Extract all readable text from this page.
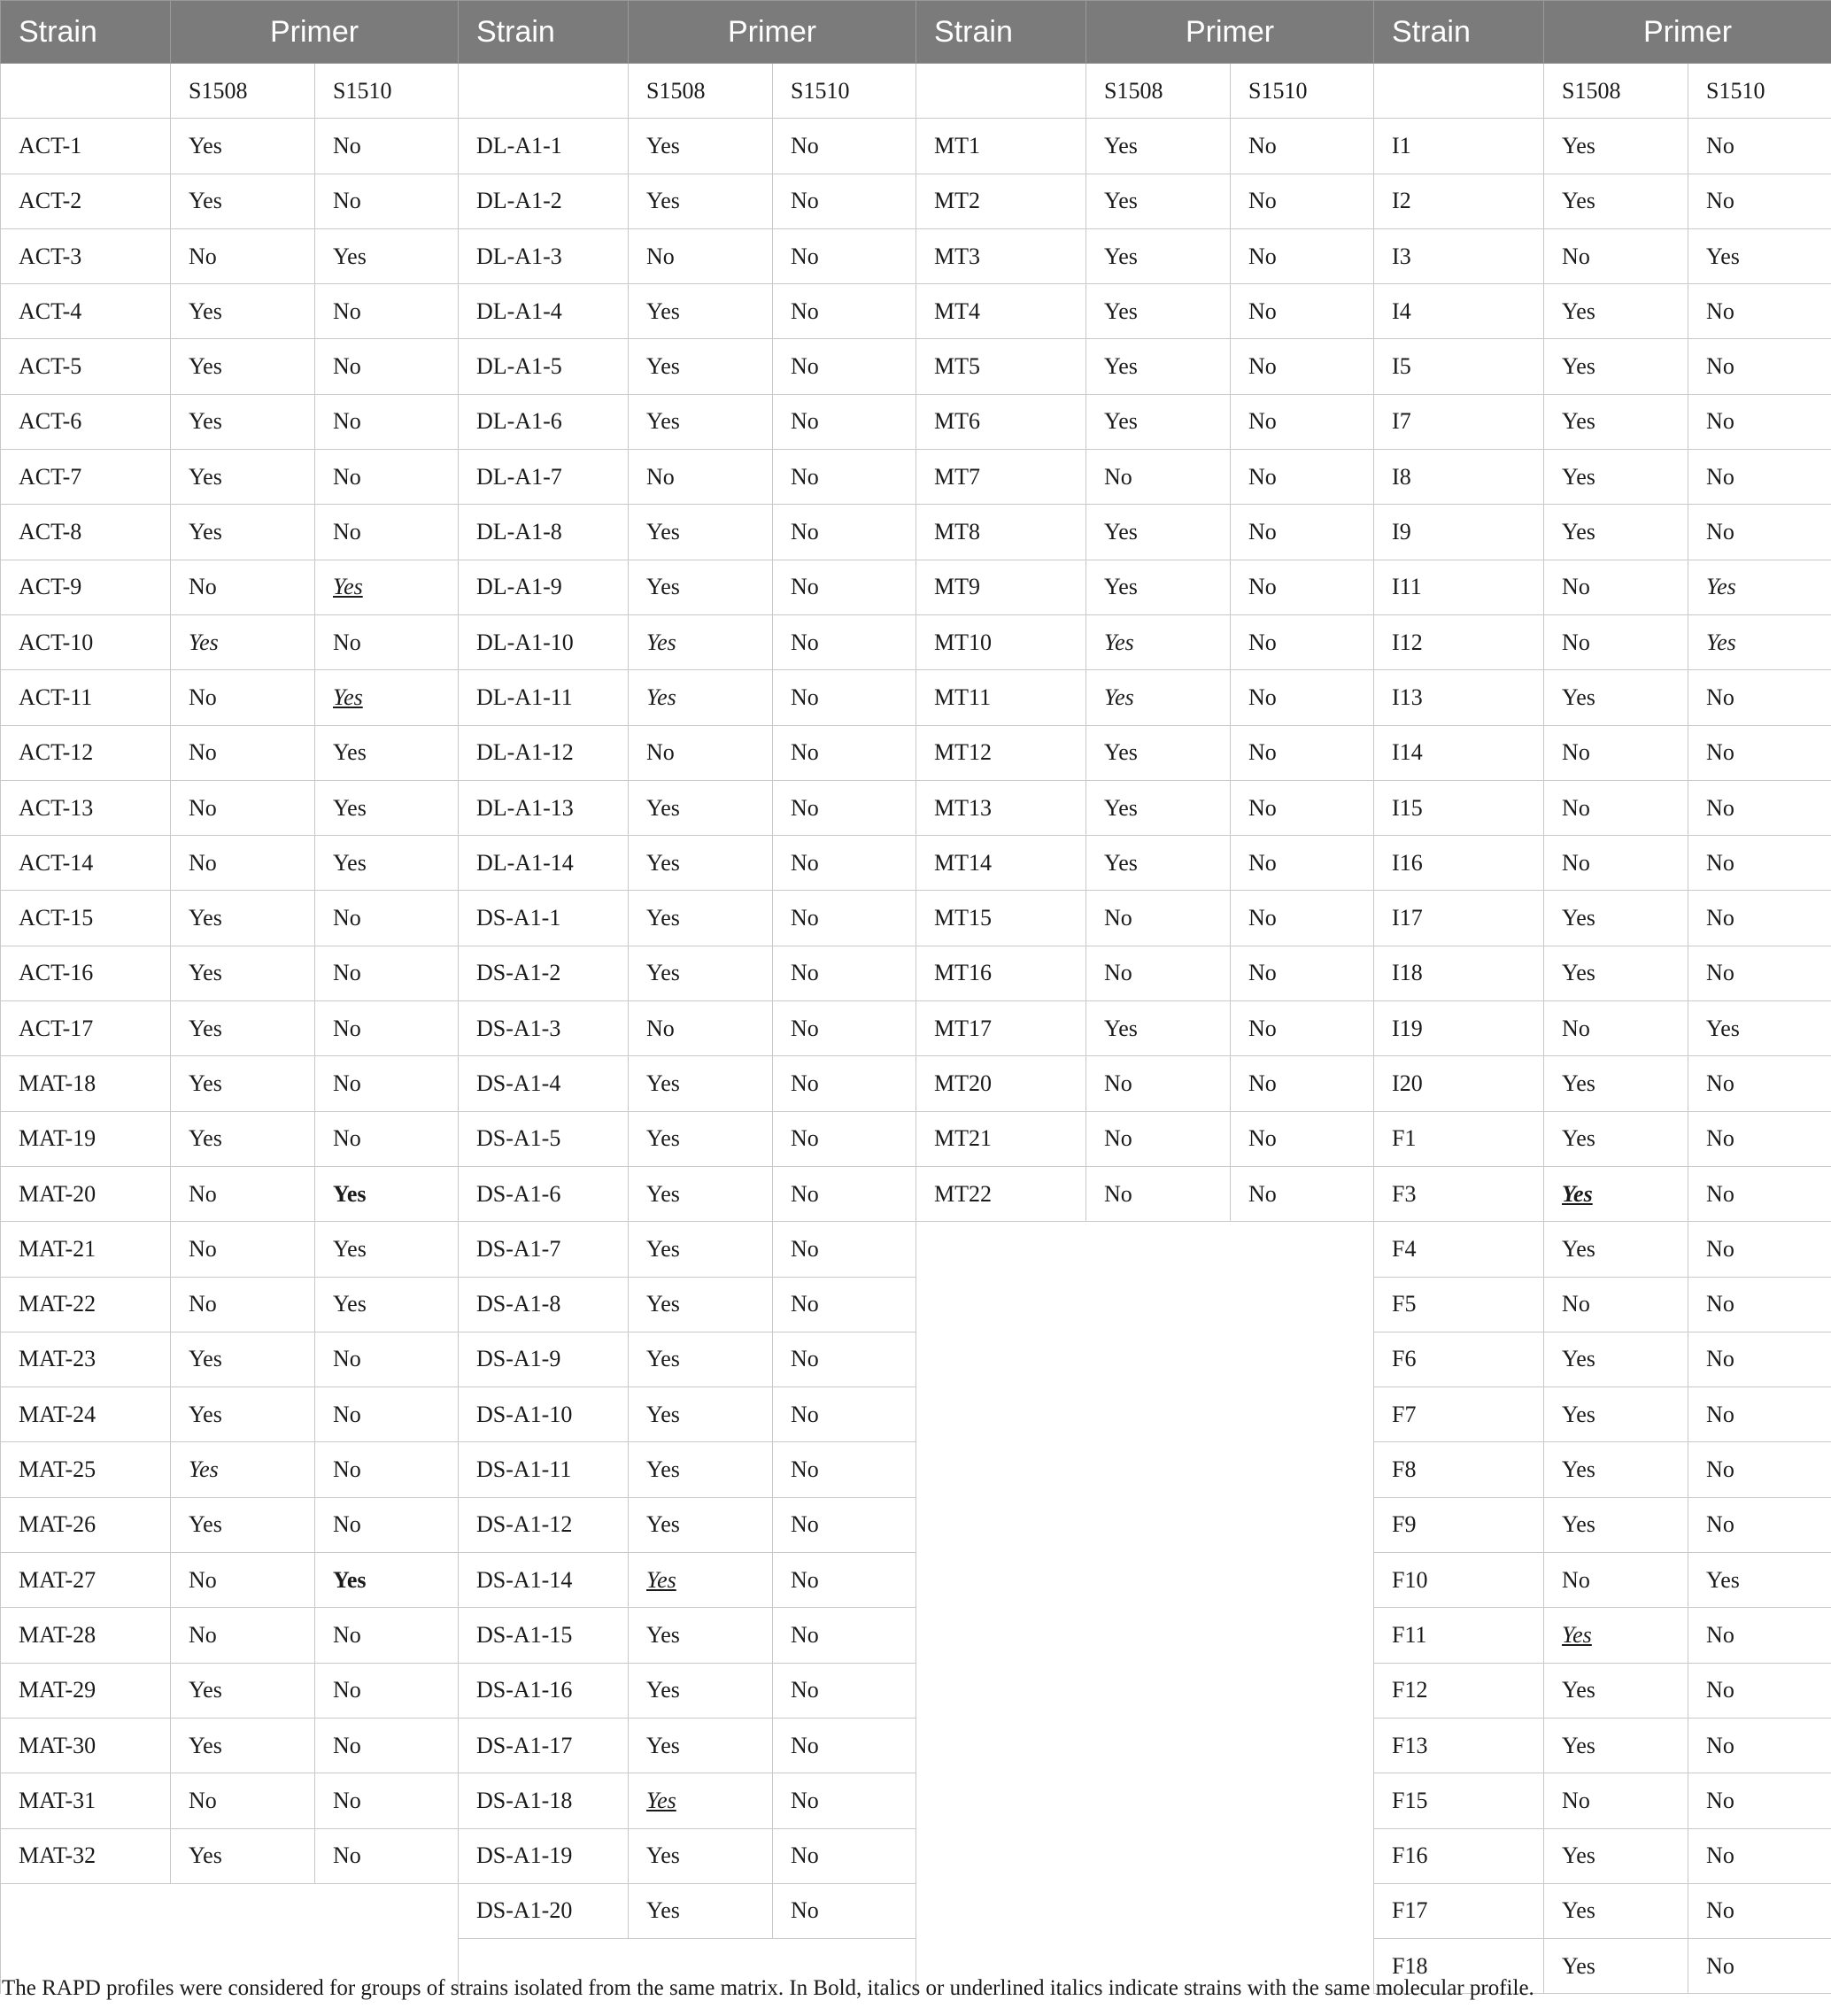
Strain	Primer		Strain	Primer		Strain	Primer		Strain	Primer	
	S1508	S1510		S1508	S1510		S1508	S1510		S1508	S1510
ACT-1	Yes	No	DL-A1-1	Yes	No	MT1	Yes	No	I1	Yes	No
ACT-2	Yes	No	DL-A1-2	Yes	No	MT2	Yes	No	I2	Yes	No
ACT-3	No	Yes	DL-A1-3	No	No	MT3	Yes	No	I3	No	Yes
ACT-4	Yes	No	DL-A1-4	Yes	No	MT4	Yes	No	I4	Yes	No
ACT-5	Yes	No	DL-A1-5	Yes	No	MT5	Yes	No	I5	Yes	No
ACT-6	Yes	No	DL-A1-6	Yes	No	MT6	Yes	No	I7	Yes	No
ACT-7	Yes	No	DL-A1-7	No	No	MT7	No	No	I8	Yes	No
ACT-8	Yes	No	DL-A1-8	Yes	No	MT8	Yes	No	I9	Yes	No
ACT-9	No	Yes	DL-A1-9	Yes	No	MT9	Yes	No	I11	No	Yes
ACT-10	Yes	No	DL-A1-10	Yes	No	MT10	Yes	No	I12	No	Yes
ACT-11	No	Yes	DL-A1-11	Yes	No	MT11	Yes	No	I13	Yes	No
ACT-12	No	Yes	DL-A1-12	No	No	MT12	Yes	No	I14	No	No
ACT-13	No	Yes	DL-A1-13	Yes	No	MT13	Yes	No	I15	No	No
ACT-14	No	Yes	DL-A1-14	Yes	No	MT14	Yes	No	I16	No	No
ACT-15	Yes	No	DS-A1-1	Yes	No	MT15	No	No	I17	Yes	No
ACT-16	Yes	No	DS-A1-2	Yes	No	MT16	No	No	I18	Yes	No
ACT-17	Yes	No	DS-A1-3	No	No	MT17	Yes	No	I19	No	Yes
MAT-18	Yes	No	DS-A1-4	Yes	No	MT20	No	No	I20	Yes	No
MAT-19	Yes	No	DS-A1-5	Yes	No	MT21	No	No	F1	Yes	No
MAT-20	No	Yes	DS-A1-6	Yes	No	MT22	No	No	F3	Yes	No
MAT-21	No	Yes	DS-A1-7	Yes	No				F4	Yes	No
MAT-22	No	Yes	DS-A1-8	Yes	No				F5	No	No
MAT-23	Yes	No	DS-A1-9	Yes	No				F6	Yes	No
MAT-24	Yes	No	DS-A1-10	Yes	No				F7	Yes	No
MAT-25	Yes	No	DS-A1-11	Yes	No				F8	Yes	No
MAT-26	Yes	No	DS-A1-12	Yes	No				F9	Yes	No
MAT-27	No	Yes	DS-A1-14	Yes	No				F10	No	Yes
MAT-28	No	No	DS-A1-15	Yes	No				F11	Yes	No
MAT-29	Yes	No	DS-A1-16	Yes	No				F12	Yes	No
MAT-30	Yes	No	DS-A1-17	Yes	No				F13	Yes	No
MAT-31	No	No	DS-A1-18	Yes	No				F15	No	No
MAT-32	Yes	No	DS-A1-19	Yes	No				F16	Yes	No
			DS-A1-20	Yes	No				F17	Yes	No
									F18	Yes	No
The RAPD profiles were considered for groups of strains isolated from the same matrix. In Bold, italics or underlined italics indicate strains with the same molecular profile.
